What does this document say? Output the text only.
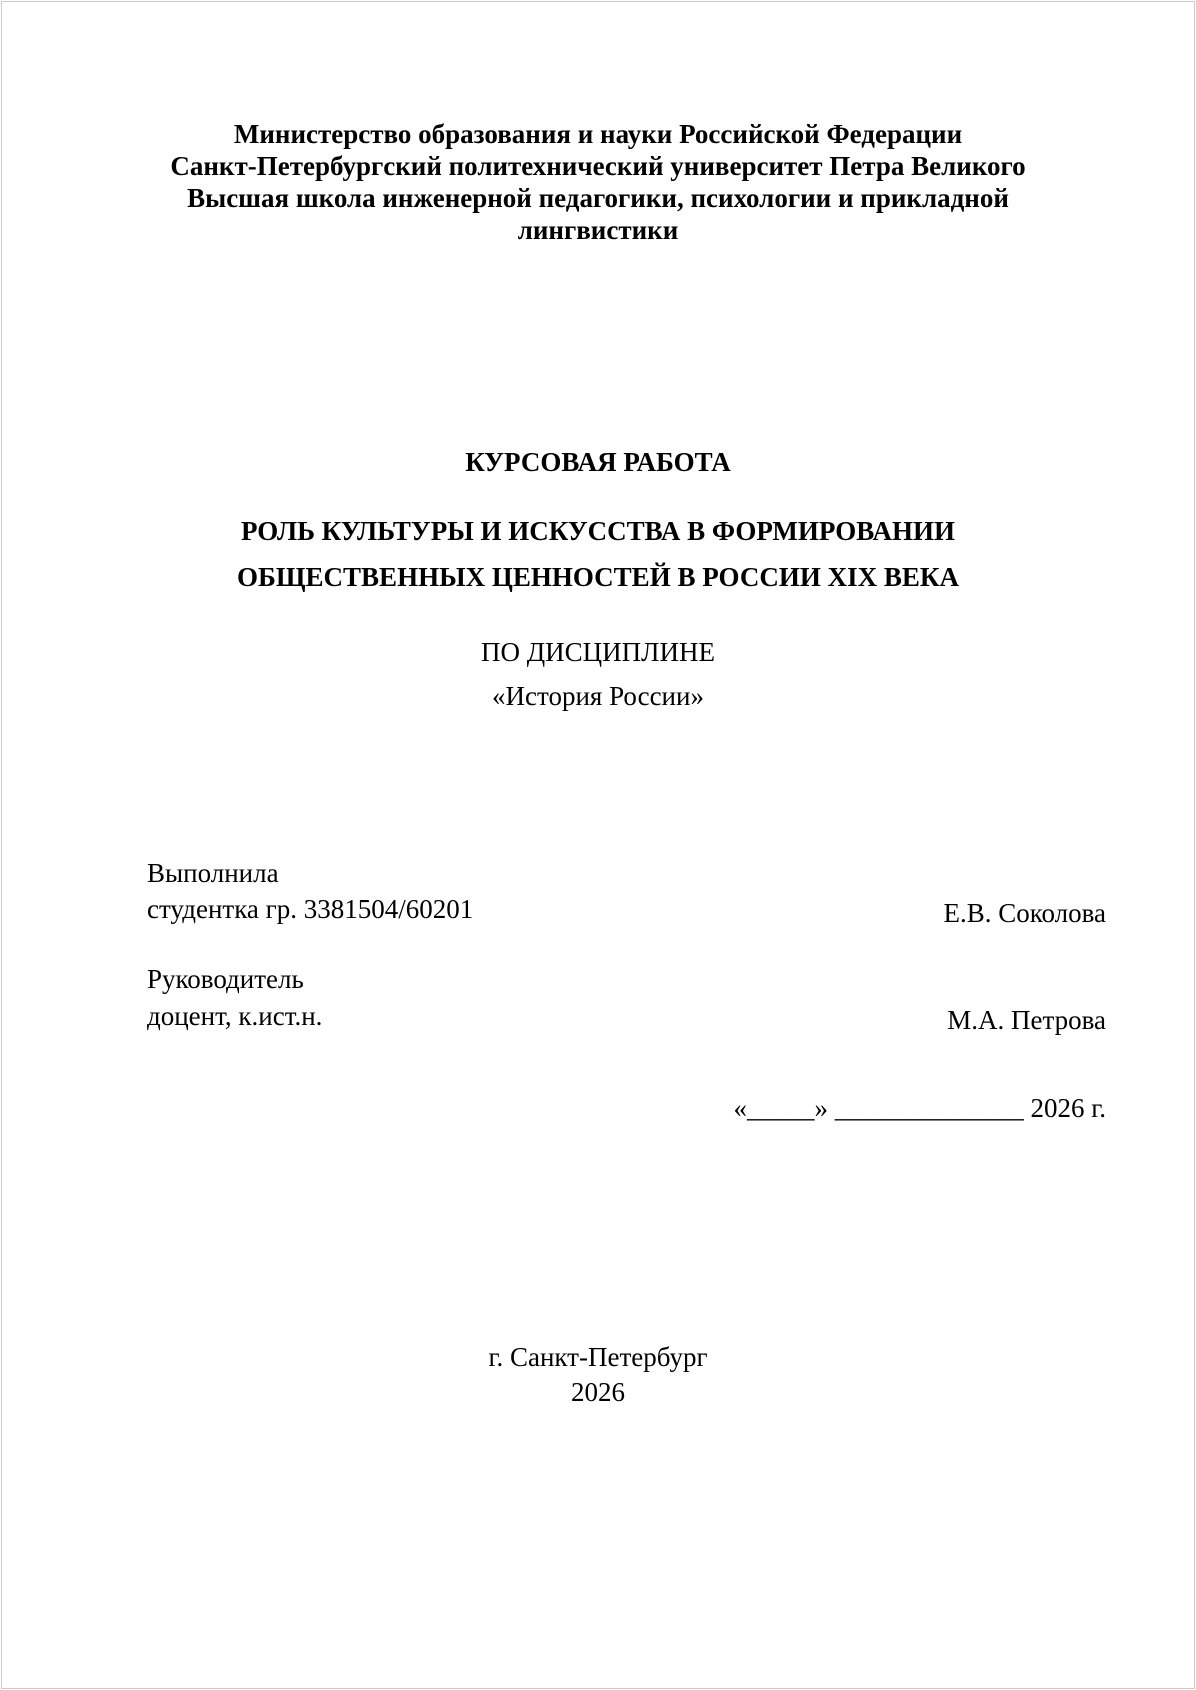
Министерство образования и науки Российской Федерации
Санкт-Петербургский политехнический университет Петра Великого
Высшая школа инженерной педагогики, психологии и прикладной
лингвистики
КУРСОВАЯ РАБОТА
РОЛЬ КУЛЬТУРЫ И ИСКУССТВА В ФОРМИРОВАНИИ
ОБЩЕСТВЕННЫХ ЦЕННОСТЕЙ В РОССИИ XIX ВЕКА
ПО ДИСЦИПЛИНЕ
«История России»
Выполнила
студентка гр. 3381504/60201	Е.В. Соколова
Руководитель
доцент, к.ист.н.	М.А. Петрова
«_____» ______________ 2026 г.
г. Санкт-Петербург
2026
